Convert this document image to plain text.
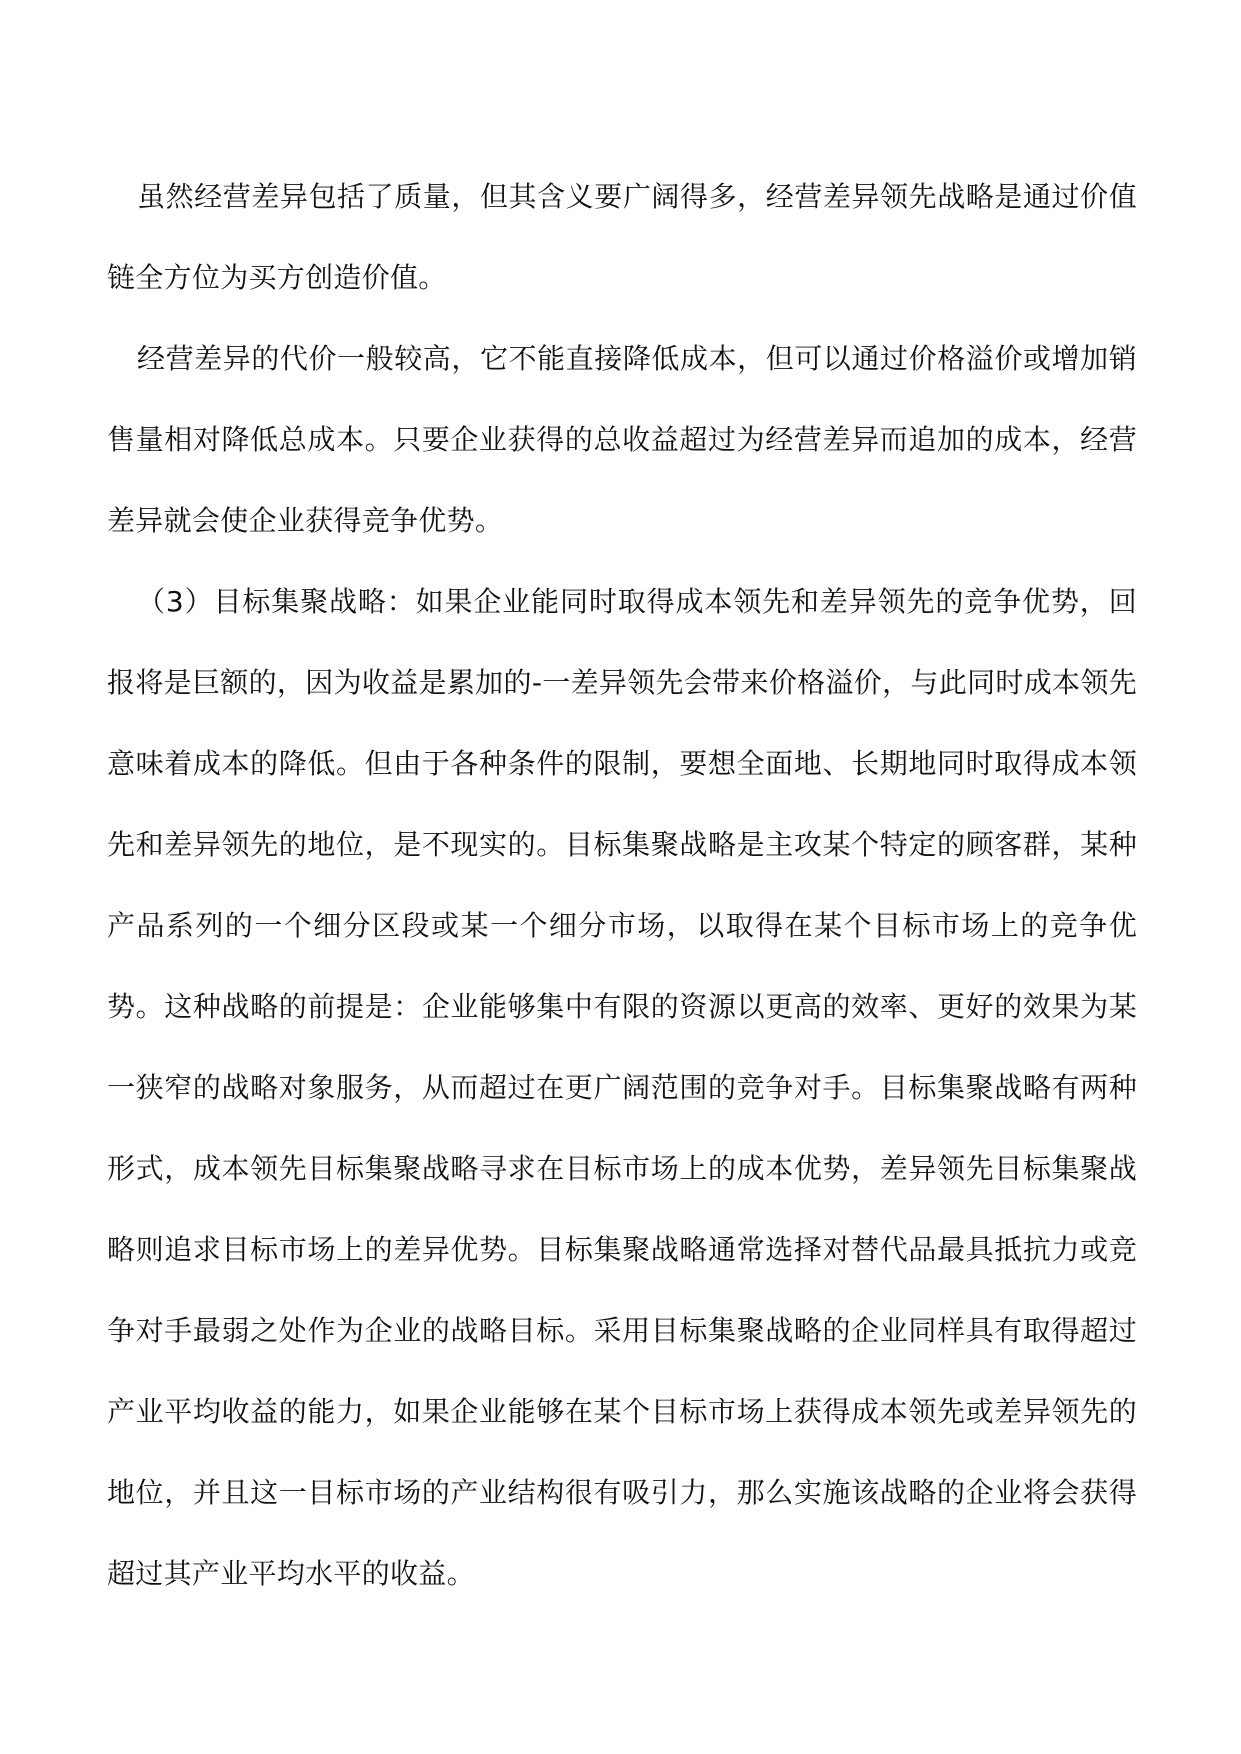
虽然经营差异包括了质量，但其含义要广阔得多，经营差异领先战略是通过价值链全方位为买方创造价值。

经营差异的代价一般较高，它不能直接降低成本，但可以通过价格溢价或增加销售量相对降低总成本。只要企业获得的总收益超过为经营差异而追加的成本，经营差异就会使企业获得竞争优势。

（3）目标集聚战略：如果企业能同时取得成本领先和差异领先的竞争优势，回报将是巨额的，因为收益是累加的-一差异领先会带来价格溢价，与此同时成本领先意味着成本的降低。但由于各种条件的限制，要想全面地、长期地同时取得成本领先和差异领先的地位，是不现实的。目标集聚战略是主攻某个特定的顾客群，某种产品系列的一个细分区段或某一个细分市场，以取得在某个目标市场上的竞争优势。这种战略的前提是：企业能够集中有限的资源以更高的效率、更好的效果为某一狭窄的战略对象服务，从而超过在更广阔范围的竞争对手。目标集聚战略有两种形式，成本领先目标集聚战略寻求在目标市场上的成本优势，差异领先目标集聚战略则追求目标市场上的差异优势。目标集聚战略通常选择对替代品最具抵抗力或竞争对手最弱之处作为企业的战略目标。采用目标集聚战略的企业同样具有取得超过产业平均收益的能力，如果企业能够在某个目标市场上获得成本领先或差异领先的地位，并且这一目标市场的产业结构很有吸引力，那么实施该战略的企业将会获得超过其产业平均水平的收益。
